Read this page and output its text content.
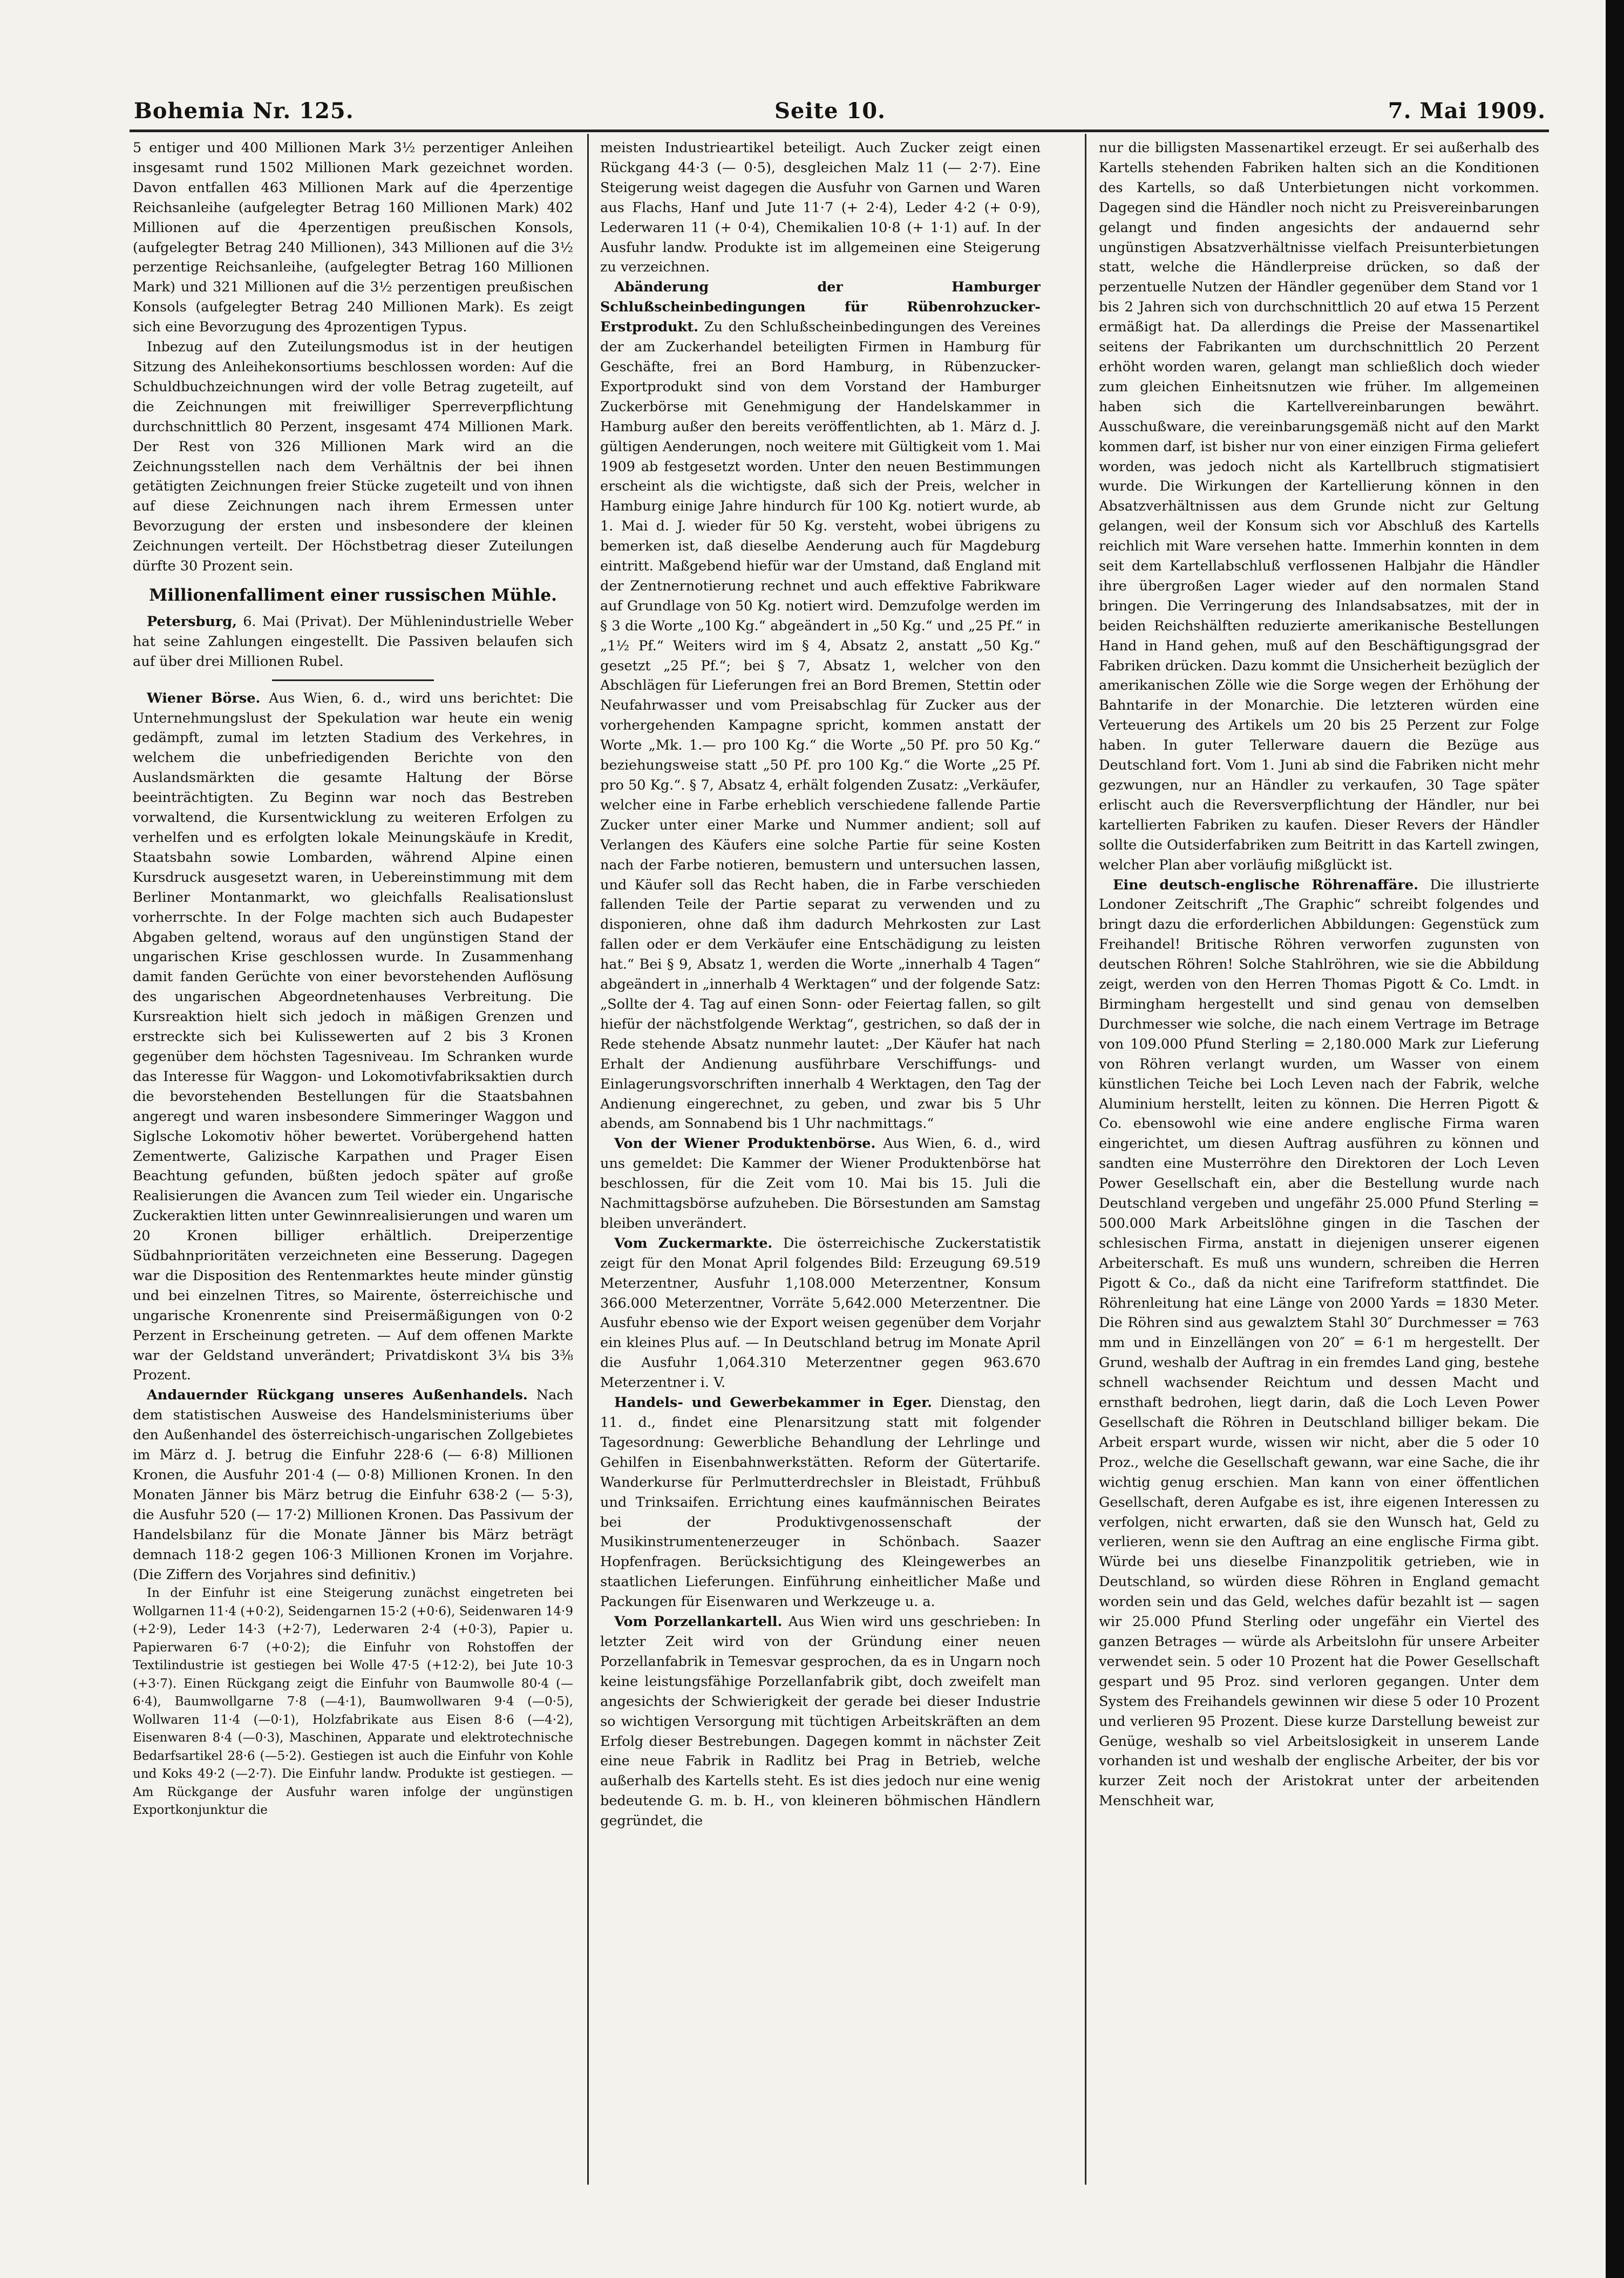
Bohemia Nr. 125.	Seite 10.	7. Mai 1909.

5 entiger und 400 Millionen Mark 3½ perzentiger Anleihen insgesamt rund 1502 Millionen Mark gezeichnet worden. Davon entfallen 463 Millionen Mark auf die 4perzentige Reichsanleihe (aufgelegter Betrag 160 Millionen Mark) 402 Millionen auf die 4perzentigen preußischen Konsols, (aufgelegter Betrag 240 Millionen), 343 Millionen auf die 3½ perzentige Reichsanleihe, (aufgelegter Betrag 160 Millionen Mark) und 321 Millionen auf die 3½ perzentigen preußischen Konsols (aufgelegter Betrag 240 Millionen Mark). Es zeigt sich eine Bevorzugung des 4prozentigen Typus.

Inbezug auf den Zuteilungsmodus ist in der heutigen Sitzung des Anleihekonsortiums beschlossen worden: Auf die Schuldbuchzeichnungen wird der volle Betrag zugeteilt, auf die Zeichnungen mit freiwilliger Sperreverpflichtung durchschnittlich 80 Perzent, insgesamt 474 Millionen Mark. Der Rest von 326 Millionen Mark wird an die Zeichnungsstellen nach dem Verhältnis der bei ihnen getätigten Zeichnungen freier Stücke zugeteilt und von ihnen auf diese Zeichnungen nach ihrem Ermessen unter Bevorzugung der ersten und insbesondere der kleinen Zeichnungen verteilt. Der Höchstbetrag dieser Zuteilungen dürfte 30 Prozent sein.

Millionenfalliment einer russischen Mühle.

Petersburg, 6. Mai (Privat). Der Mühlenindustrielle Weber hat seine Zahlungen eingestellt. Die Passiven belaufen sich auf über drei Millionen Rubel.

Wiener Börse. Aus Wien, 6. d., wird uns berichtet: Die Unternehmungslust der Spekulation war heute ein wenig gedämpft, zumal im letzten Stadium des Verkehres, in welchem die unbefriedigenden Berichte von den Auslandsmärkten die gesamte Haltung der Börse beeinträchtigten. Zu Beginn war noch das Bestreben vorwaltend, die Kursentwicklung zu weiteren Erfolgen zu verhelfen und es erfolgten lokale Meinungskäufe in Kredit, Staatsbahn sowie Lombarden, während Alpine einen Kursdruck ausgesetzt waren, in Uebereinstimmung mit dem Berliner Montanmarkt, wo gleichfalls Realisationslust vorherrschte. In der Folge machten sich auch Budapester Abgaben geltend, woraus auf den ungünstigen Stand der ungarischen Krise geschlossen wurde. In Zusammenhang damit fanden Gerüchte von einer bevorstehenden Auflösung des ungarischen Abgeordnetenhauses Verbreitung. Die Kursreaktion hielt sich jedoch in mäßigen Grenzen und erstreckte sich bei Kulissewerten auf 2 bis 3 Kronen gegenüber dem höchsten Tagesniveau. Im Schranken wurde das Interesse für Waggon- und Lokomotivfabriksaktien durch die bevorstehenden Bestellungen für die Staatsbahnen angeregt und waren insbesondere Simmeringer Waggon und Siglsche Lokomotiv höher bewertet. Vorübergehend hatten Zementwerte, Galizische Karpathen und Prager Eisen Beachtung gefunden, büßten jedoch später auf große Realisierungen die Avancen zum Teil wieder ein. Ungarische Zuckeraktien litten unter Gewinnrealisierungen und waren um 20 Kronen billiger erhältlich. Dreiperzentige Südbahnprioritäten verzeichneten eine Besserung. Dagegen war die Disposition des Rentenmarktes heute minder günstig und bei einzelnen Titres, so Mairente, österreichische und ungarische Kronenrente sind Preisermäßigungen von 0·2 Perzent in Erscheinung getreten. — Auf dem offenen Markte war der Geldstand unverändert; Privatdiskont 3¼ bis 3⅜ Prozent.

Andauernder Rückgang unseres Außenhandels. Nach dem statistischen Ausweise des Handelsministeriums über den Außenhandel des österreichisch-ungarischen Zollgebietes im März d. J. betrug die Einfuhr 228·6 (— 6·8) Millionen Kronen, die Ausfuhr 201·4 (— 0·8) Millionen Kronen. In den Monaten Jänner bis März betrug die Einfuhr 638·2 (— 5·3), die Ausfuhr 520 (— 17·2) Millionen Kronen. Das Passivum der Handelsbilanz für die Monate Jänner bis März beträgt demnach 118·2 gegen 106·3 Millionen Kronen im Vorjahre. (Die Ziffern des Vorjahres sind definitiv.)

In der Einfuhr ist eine Steigerung zunächst eingetreten bei Wollgarnen 11·4 (+0·2), Seidengarnen 15·2 (+0·6), Seidenwaren 14·9 (+2·9), Leder 14·3 (+2·7), Lederwaren 2·4 (+0·3), Papier u. Papierwaren 6·7 (+0·2); die Einfuhr von Rohstoffen der Textilindustrie ist gestiegen bei Wolle 47·5 (+12·2), bei Jute 10·3 (+3·7). Einen Rückgang zeigt die Einfuhr von Baumwolle 80·4 (—6·4), Baumwollgarne 7·8 (—4·1), Baumwollwaren 9·4 (—0·5), Wollwaren 11·4 (—0·1), Holzfabrikate aus Eisen 8·6 (—4·2), Eisenwaren 8·4 (—0·3), Maschinen, Apparate und elektrotechnische Bedarfsartikel 28·6 (—5·2). Gestiegen ist auch die Einfuhr von Kohle und Koks 49·2 (—2·7). Die Einfuhr landw. Produkte ist gestiegen. — Am Rückgange der Ausfuhr waren infolge der ungünstigen Exportkonjunktur die

meisten Industrieartikel beteiligt. Auch Zucker zeigt einen Rückgang 44·3 (— 0·5), desgleichen Malz 11 (— 2·7). Eine Steigerung weist dagegen die Ausfuhr von Garnen und Waren aus Flachs, Hanf und Jute 11·7 (+ 2·4), Leder 4·2 (+ 0·9), Lederwaren 11 (+ 0·4), Chemikalien 10·8 (+ 1·1) auf. In der Ausfuhr landw. Produkte ist im allgemeinen eine Steigerung zu verzeichnen.

Abänderung der Hamburger Schlußscheinbedingungen für Rübenrohzucker-Erstprodukt. Zu den Schlußscheinbedingungen des Vereines der am Zuckerhandel beteiligten Firmen in Hamburg für Geschäfte, frei an Bord Hamburg, in Rübenzucker-Exportprodukt sind von dem Vorstand der Hamburger Zuckerbörse mit Genehmigung der Handelskammer in Hamburg außer den bereits veröffentlichten, ab 1. März d. J. gültigen Aenderungen, noch weitere mit Gültigkeit vom 1. Mai 1909 ab festgesetzt worden. Unter den neuen Bestimmungen erscheint als die wichtigste, daß sich der Preis, welcher in Hamburg einige Jahre hindurch für 100 Kg. notiert wurde, ab 1. Mai d. J. wieder für 50 Kg. versteht, wobei übrigens zu bemerken ist, daß dieselbe Aenderung auch für Magdeburg eintritt. Maßgebend hiefür war der Umstand, daß England mit der Zentnernotierung rechnet und auch effektive Fabrikware auf Grundlage von 50 Kg. notiert wird. Demzufolge werden im § 3 die Worte „100 Kg.“ abgeändert in „50 Kg.“ und „25 Pf.“ in „1½ Pf.“ Weiters wird im § 4, Absatz 2, anstatt „50 Kg.“ gesetzt „25 Pf.“; bei § 7, Absatz 1, welcher von den Abschlägen für Lieferungen frei an Bord Bremen, Stettin oder Neufahrwasser und vom Preisabschlag für Zucker aus der vorhergehenden Kampagne spricht, kommen anstatt der Worte „Mk. 1.— pro 100 Kg.“ die Worte „50 Pf. pro 50 Kg.“ beziehungsweise statt „50 Pf. pro 100 Kg.“ die Worte „25 Pf. pro 50 Kg.“. § 7, Absatz 4, erhält folgenden Zusatz: „Verkäufer, welcher eine in Farbe erheblich verschiedene fallende Partie Zucker unter einer Marke und Nummer andient; soll auf Verlangen des Käufers eine solche Partie für seine Kosten nach der Farbe notieren, bemustern und untersuchen lassen, und Käufer soll das Recht haben, die in Farbe verschieden fallenden Teile der Partie separat zu verwenden und zu disponieren, ohne daß ihm dadurch Mehrkosten zur Last fallen oder er dem Verkäufer eine Entschädigung zu leisten hat.“ Bei § 9, Absatz 1, werden die Worte „innerhalb 4 Tagen“ abgeändert in „innerhalb 4 Werktagen“ und der folgende Satz: „Sollte der 4. Tag auf einen Sonn- oder Feiertag fallen, so gilt hiefür der nächstfolgende Werktag“, gestrichen, so daß der in Rede stehende Absatz nunmehr lautet: „Der Käufer hat nach Erhalt der Andienung ausführbare Verschiffungs- und Einlagerungsvorschriften innerhalb 4 Werktagen, den Tag der Andienung eingerechnet, zu geben, und zwar bis 5 Uhr abends, am Sonnabend bis 1 Uhr nachmittags.“

Von der Wiener Produktenbörse. Aus Wien, 6. d., wird uns gemeldet: Die Kammer der Wiener Produktenbörse hat beschlossen, für die Zeit vom 10. Mai bis 15. Juli die Nachmittagsbörse aufzuheben. Die Börsestunden am Samstag bleiben unverändert.

Vom Zuckermarkte. Die österreichische Zuckerstatistik zeigt für den Monat April folgendes Bild: Erzeugung 69.519 Meterzentner, Ausfuhr 1,108.000 Meterzentner, Konsum 366.000 Meterzentner, Vorräte 5,642.000 Meterzentner. Die Ausfuhr ebenso wie der Export weisen gegenüber dem Vorjahr ein kleines Plus auf. — In Deutschland betrug im Monate April die Ausfuhr 1,064.310 Meterzentner gegen 963.670 Meterzentner i. V.

Handels- und Gewerbekammer in Eger. Dienstag, den 11. d., findet eine Plenarsitzung statt mit folgender Tagesordnung: Gewerbliche Behandlung der Lehrlinge und Gehilfen in Eisenbahnwerkstätten. Reform der Gütertarife. Wanderkurse für Perlmutterdrechsler in Bleistadt, Frühbuß und Trinksaifen. Errichtung eines kaufmännischen Beirates bei der Produktivgenossenschaft der Musikinstrumentenerzeuger in Schönbach. Saazer Hopfenfragen. Berücksichtigung des Kleingewerbes an staatlichen Lieferungen. Einführung einheitlicher Maße und Packungen für Eisenwaren und Werkzeuge u. a.

Vom Porzellankartell. Aus Wien wird uns geschrieben: In letzter Zeit wird von der Gründung einer neuen Porzellanfabrik in Temesvar gesprochen, da es in Ungarn noch keine leistungsfähige Porzellanfabrik gibt, doch zweifelt man angesichts der Schwierigkeit der gerade bei dieser Industrie so wichtigen Versorgung mit tüchtigen Arbeitskräften an dem Erfolg dieser Bestrebungen. Dagegen kommt in nächster Zeit eine neue Fabrik in Radlitz bei Prag in Betrieb, welche außerhalb des Kartells steht. Es ist dies jedoch nur eine wenig bedeutende G. m. b. H., von kleineren böhmischen Händlern gegründet, die

nur die billigsten Massenartikel erzeugt. Er sei außerhalb des Kartells stehenden Fabriken halten sich an die Konditionen des Kartells, so daß Unterbietungen nicht vorkommen. Dagegen sind die Händler noch nicht zu Preisvereinbarungen gelangt und finden angesichts der andauernd sehr ungünstigen Absatzverhältnisse vielfach Preisunterbietungen statt, welche die Händlerpreise drücken, so daß der perzentuelle Nutzen der Händler gegenüber dem Stand vor 1 bis 2 Jahren sich von durchschnittlich 20 auf etwa 15 Perzent ermäßigt hat. Da allerdings die Preise der Massenartikel seitens der Fabrikanten um durchschnittlich 20 Perzent erhöht worden waren, gelangt man schließlich doch wieder zum gleichen Einheitsnutzen wie früher. Im allgemeinen haben sich die Kartellvereinbarungen bewährt. Ausschußware, die vereinbarungsgemäß nicht auf den Markt kommen darf, ist bisher nur von einer einzigen Firma geliefert worden, was jedoch nicht als Kartellbruch stigmatisiert wurde. Die Wirkungen der Kartellierung können in den Absatzverhältnissen aus dem Grunde nicht zur Geltung gelangen, weil der Konsum sich vor Abschluß des Kartells reichlich mit Ware versehen hatte. Immerhin konnten in dem seit dem Kartellabschluß verflossenen Halbjahr die Händler ihre übergroßen Lager wieder auf den normalen Stand bringen. Die Verringerung des Inlandsabsatzes, mit der in beiden Reichshälften reduzierte amerikanische Bestellungen Hand in Hand gehen, muß auf den Beschäftigungsgrad der Fabriken drücken. Dazu kommt die Unsicherheit bezüglich der amerikanischen Zölle wie die Sorge wegen der Erhöhung der Bahntarife in der Monarchie. Die letzteren würden eine Verteuerung des Artikels um 20 bis 25 Perzent zur Folge haben. In guter Tellerware dauern die Bezüge aus Deutschland fort. Vom 1. Juni ab sind die Fabriken nicht mehr gezwungen, nur an Händler zu verkaufen, 30 Tage später erlischt auch die Reversverpflichtung der Händler, nur bei kartellierten Fabriken zu kaufen. Dieser Revers der Händler sollte die Outsiderfabriken zum Beitritt in das Kartell zwingen, welcher Plan aber vorläufig mißglückt ist.

Eine deutsch-englische Röhrenaffäre. Die illustrierte Londoner Zeitschrift „The Graphic“ schreibt folgendes und bringt dazu die erforderlichen Abbildungen: Gegenstück zum Freihandel! Britische Röhren verworfen zugunsten von deutschen Röhren! Solche Stahlröhren, wie sie die Abbildung zeigt, werden von den Herren Thomas Pigott & Co. Lmdt. in Birmingham hergestellt und sind genau von demselben Durchmesser wie solche, die nach einem Vertrage im Betrage von 109.000 Pfund Sterling = 2,180.000 Mark zur Lieferung von Röhren verlangt wurden, um Wasser von einem künstlichen Teiche bei Loch Leven nach der Fabrik, welche Aluminium herstellt, leiten zu können. Die Herren Pigott & Co. ebensowohl wie eine andere englische Firma waren eingerichtet, um diesen Auftrag ausführen zu können und sandten eine Musterröhre den Direktoren der Loch Leven Power Gesellschaft ein, aber die Bestellung wurde nach Deutschland vergeben und ungefähr 25.000 Pfund Sterling = 500.000 Mark Arbeitslöhne gingen in die Taschen der schlesischen Firma, anstatt in diejenigen unserer eigenen Arbeiterschaft. Es muß uns wundern, schreiben die Herren Pigott & Co., daß da nicht eine Tarifreform stattfindet. Die Röhrenleitung hat eine Länge von 2000 Yards = 1830 Meter. Die Röhren sind aus gewalztem Stahl 30″ Durchmesser = 763 mm und in Einzellängen von 20″ = 6·1 m hergestellt. Der Grund, weshalb der Auftrag in ein fremdes Land ging, bestehe schnell wachsender Reichtum und dessen Macht und ernsthaft bedrohen, liegt darin, daß die Loch Leven Power Gesellschaft die Röhren in Deutschland billiger bekam. Die Arbeit erspart wurde, wissen wir nicht, aber die 5 oder 10 Proz., welche die Gesellschaft gewann, war eine Sache, die ihr wichtig genug erschien. Man kann von einer öffentlichen Gesellschaft, deren Aufgabe es ist, ihre eigenen Interessen zu verfolgen, nicht erwarten, daß sie den Wunsch hat, Geld zu verlieren, wenn sie den Auftrag an eine englische Firma gibt. Würde bei uns dieselbe Finanzpolitik getrieben, wie in Deutschland, so würden diese Röhren in England gemacht worden sein und das Geld, welches dafür bezahlt ist — sagen wir 25.000 Pfund Sterling oder ungefähr ein Viertel des ganzen Betrages — würde als Arbeitslohn für unsere Arbeiter verwendet sein. 5 oder 10 Prozent hat die Power Gesellschaft gespart und 95 Proz. sind verloren gegangen. Unter dem System des Freihandels gewinnen wir diese 5 oder 10 Prozent und verlieren 95 Prozent. Diese kurze Darstellung beweist zur Genüge, weshalb so viel Arbeitslosigkeit in unserem Lande vorhanden ist und weshalb der englische Arbeiter, der bis vor kurzer Zeit noch der Aristokrat unter der arbeitenden Menschheit war,
